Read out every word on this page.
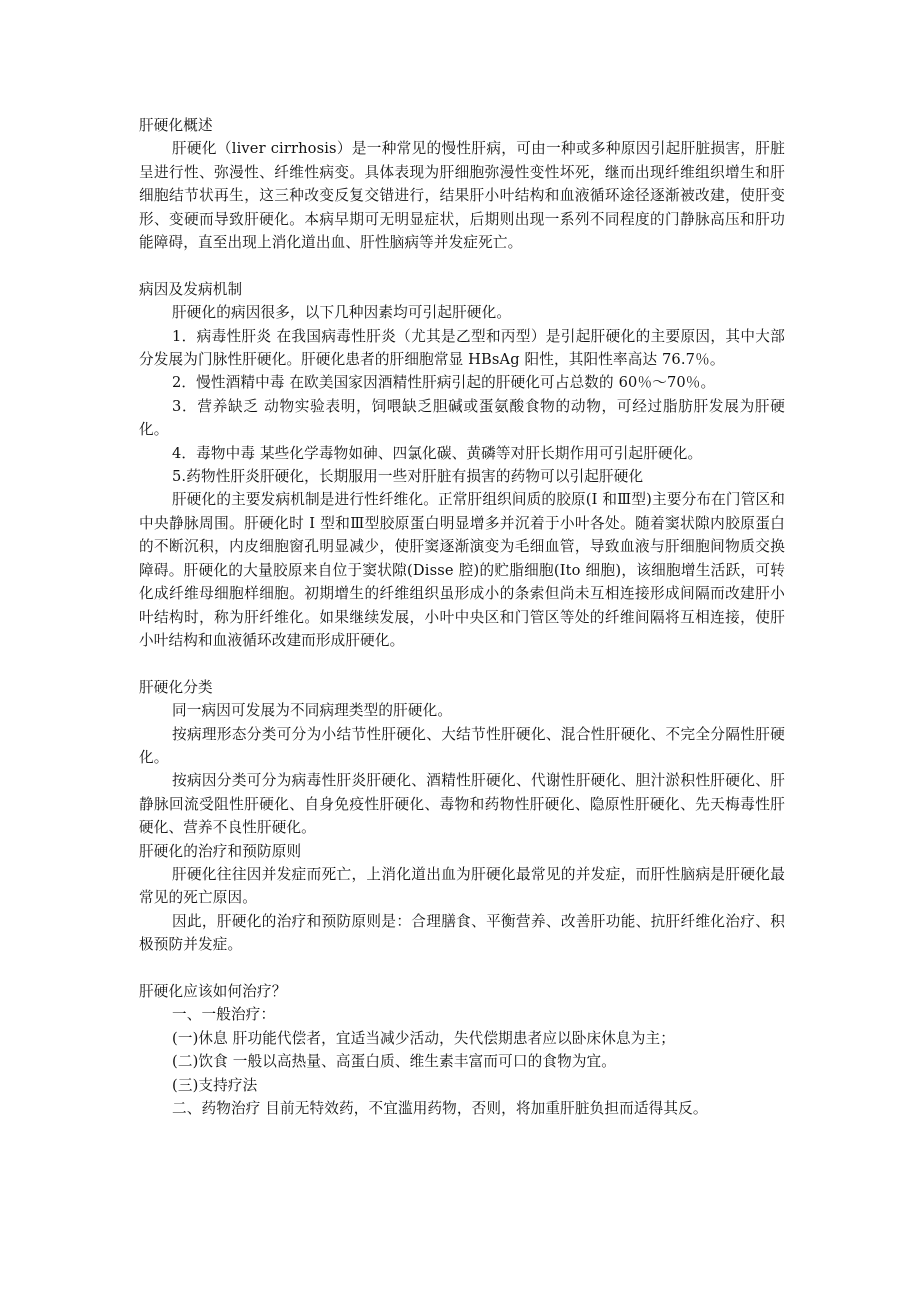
肝硬化概述

肝硬化（liver cirrhosis）是一种常见的慢性肝病，可由一种或多种原因引起肝脏损害，肝脏呈进行性、弥漫性、纤维性病变。具体表现为肝细胞弥漫性变性坏死，继而出现纤维组织增生和肝细胞结节状再生，这三种改变反复交错进行，结果肝小叶结构和血液循环途径逐渐被改建，使肝变形、变硬而导致肝硬化。本病早期可无明显症状，后期则出现一系列不同程度的门静脉高压和肝功能障碍，直至出现上消化道出血、肝性脑病等并发症死亡。

病因及发病机制

肝硬化的病因很多，以下几种因素均可引起肝硬化。

1．病毒性肝炎 在我国病毒性肝炎（尤其是乙型和丙型）是引起肝硬化的主要原因，其中大部分发展为门脉性肝硬化。肝硬化患者的肝细胞常显 HBsAg 阳性，其阳性率高达 76.7％。

2．慢性酒精中毒 在欧美国家因酒精性肝病引起的肝硬化可占总数的 60％～70％。

3．营养缺乏 动物实验表明，饲喂缺乏胆碱或蛋氨酸食物的动物，可经过脂肪肝发展为肝硬化。

4．毒物中毒 某些化学毒物如砷、四氯化碳、黄磷等对肝长期作用可引起肝硬化。

5.药物性肝炎肝硬化，长期服用一些对肝脏有损害的药物可以引起肝硬化

肝硬化的主要发病机制是进行性纤维化。正常肝组织间质的胶原(I 和Ⅲ型)主要分布在门管区和中央静脉周围。肝硬化时 I 型和Ⅲ型胶原蛋白明显增多并沉着于小叶各处。随着窦状隙内胶原蛋白的不断沉积，内皮细胞窗孔明显减少，使肝窦逐渐演变为毛细血管，导致血液与肝细胞间物质交换障碍。肝硬化的大量胶原来自位于窦状隙(Disse 腔)的贮脂细胞(Ito 细胞)，该细胞增生活跃，可转化成纤维母细胞样细胞。初期增生的纤维组织虽形成小的条索但尚未互相连接形成间隔而改建肝小叶结构时，称为肝纤维化。如果继续发展，小叶中央区和门管区等处的纤维间隔将互相连接，使肝小叶结构和血液循环改建而形成肝硬化。

肝硬化分类

同一病因可发展为不同病理类型的肝硬化。

按病理形态分类可分为小结节性肝硬化、大结节性肝硬化、混合性肝硬化、不完全分隔性肝硬化。

按病因分类可分为病毒性肝炎肝硬化、酒精性肝硬化、代谢性肝硬化、胆汁淤积性肝硬化、肝静脉回流受阻性肝硬化、自身免疫性肝硬化、毒物和药物性肝硬化、隐原性肝硬化、先天梅毒性肝硬化、营养不良性肝硬化。

肝硬化的治疗和预防原则

肝硬化往往因并发症而死亡，上消化道出血为肝硬化最常见的并发症，而肝性脑病是肝硬化最常见的死亡原因。

因此，肝硬化的治疗和预防原则是：合理膳食、平衡营养、改善肝功能、抗肝纤维化治疗、积极预防并发症。

肝硬化应该如何治疗？

一、一般治疗：

(一)休息 肝功能代偿者，宜适当减少活动，失代偿期患者应以卧床休息为主；

(二)饮食 一般以高热量、高蛋白质、维生素丰富而可口的食物为宜。

(三)支持疗法

二、药物治疗 目前无特效药，不宜滥用药物，否则，将加重肝脏负担而适得其反。
